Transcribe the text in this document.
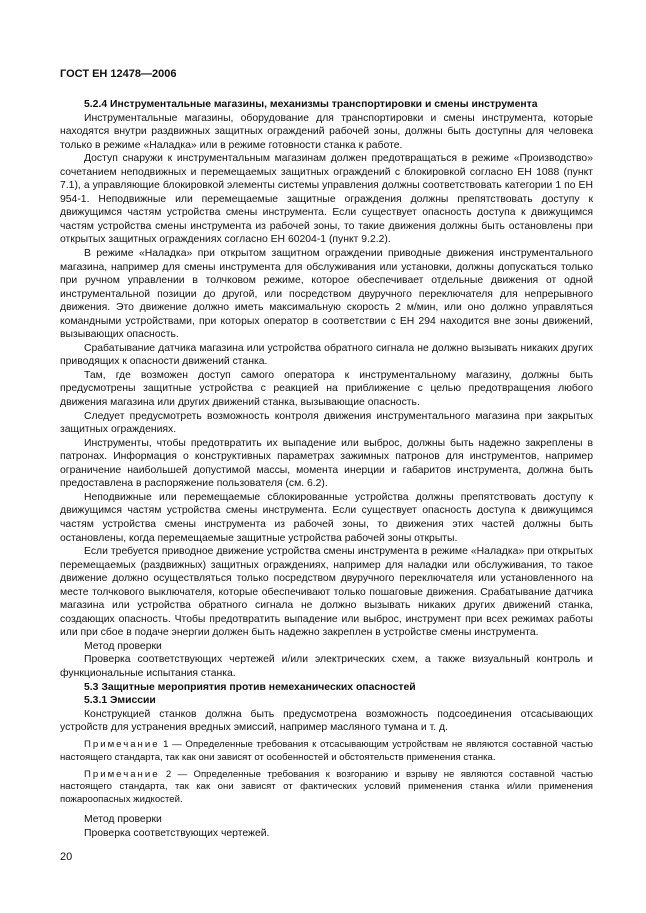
ГОСТ ЕН 12478—2006

5.2.4 Инструментальные магазины, механизмы транспортировки и смены инструмента

Инструментальные магазины, оборудование для транспортировки и смены инструмента, которые находятся внутри раздвижных защитных ограждений рабочей зоны, должны быть доступны для человека только в режиме «Наладка» или в режиме готовности станка к работе.

Доступ снаружи к инструментальным магазинам должен предотвращаться в режиме «Производство» сочетанием неподвижных и перемещаемых защитных ограждений с блокировкой согласно ЕН 1088 (пункт 7.1), а управляющие блокировкой элементы системы управления должны соответствовать категории 1 по ЕН 954-1. Неподвижные или перемещаемые защитные ограждения должны препятствовать доступу к движущимся частям устройства смены инструмента. Если существует опасность доступа к движущимся частям устройства смены инструмента из рабочей зоны, то такие движения должны быть остановлены при открытых защитных ограждениях согласно ЕН 60204-1 (пункт 9.2.2).

В режиме «Наладка» при открытом защитном ограждении приводные движения инструментального магазина, например для смены инструмента для обслуживания или установки, должны допускаться только при ручном управлении в толчковом режиме, которое обеспечивает отдельные движения от одной инструментальной позиции до другой, или посредством двуручного переключателя для непрерывного движения. Это движение должно иметь максимальную скорость 2 м/мин, или оно должно управляться командными устройствами, при которых оператор в соответствии с ЕН 294 находится вне зоны движений, вызывающих опасность.

Срабатывание датчика магазина или устройства обратного сигнала не должно вызывать никаких других приводящих к опасности движений станка.

Там, где возможен доступ самого оператора к инструментальному магазину, должны быть предусмотрены защитные устройства с реакцией на приближение с целью предотвращения любого движения магазина или других движений станка, вызывающие опасность.

Следует предусмотреть возможность контроля движения инструментального магазина при закрытых защитных ограждениях.

Инструменты, чтобы предотвратить их выпадение или выброс, должны быть надежно закреплены в патронах. Информация о конструктивных параметрах зажимных патронов для инструментов, например ограничение наибольшей допустимой массы, момента инерции и габаритов инструмента, должна быть предоставлена в распоряжение пользователя (см. 6.2).

Неподвижные или перемещаемые сблокированные устройства должны препятствовать доступу к движущимся частям устройства смены инструмента. Если существует опасность доступа к движущимся частям устройства смены инструмента из рабочей зоны, то движения этих частей должны быть остановлены, когда перемещаемые защитные устройства рабочей зоны открыты.

Если требуется приводное движение устройства смены инструмента в режиме «Наладка» при открытых перемещаемых (раздвижных) защитных ограждениях, например для наладки или обслуживания, то такое движение должно осуществляться только посредством двуручного переключателя или установленного на месте толчкового выключателя, которые обеспечивают только пошаговые движения. Срабатывание датчика магазина или устройства обратного сигнала не должно вызывать никаких других движений станка, создающих опасность. Чтобы предотвратить выпадение или выброс, инструмент при всех режимах работы или при сбое в подаче энергии должен быть надежно закреплен в устройстве смены инструмента.

Метод проверки

Проверка соответствующих чертежей и/или электрических схем, а также визуальный контроль и функциональные испытания станка.

5.3 Защитные мероприятия против немеханических опасностей

5.3.1 Эмиссии

Конструкцией станков должна быть предусмотрена возможность подсоединения отсасывающих устройств для устранения вредных эмиссий, например масляного тумана и т. д.

Примечание 1 — Определенные требования к отсасывающим устройствам не являются составной частью настоящего стандарта, так как они зависят от особенностей и обстоятельств применения станка.

Примечание 2 — Определенные требования к возгоранию и взрыву не являются составной частью настоящего стандарта, так как они зависят от фактических условий применения станка и/или применения пожароопасных жидкостей.

Метод проверки

Проверка соответствующих чертежей.

20
